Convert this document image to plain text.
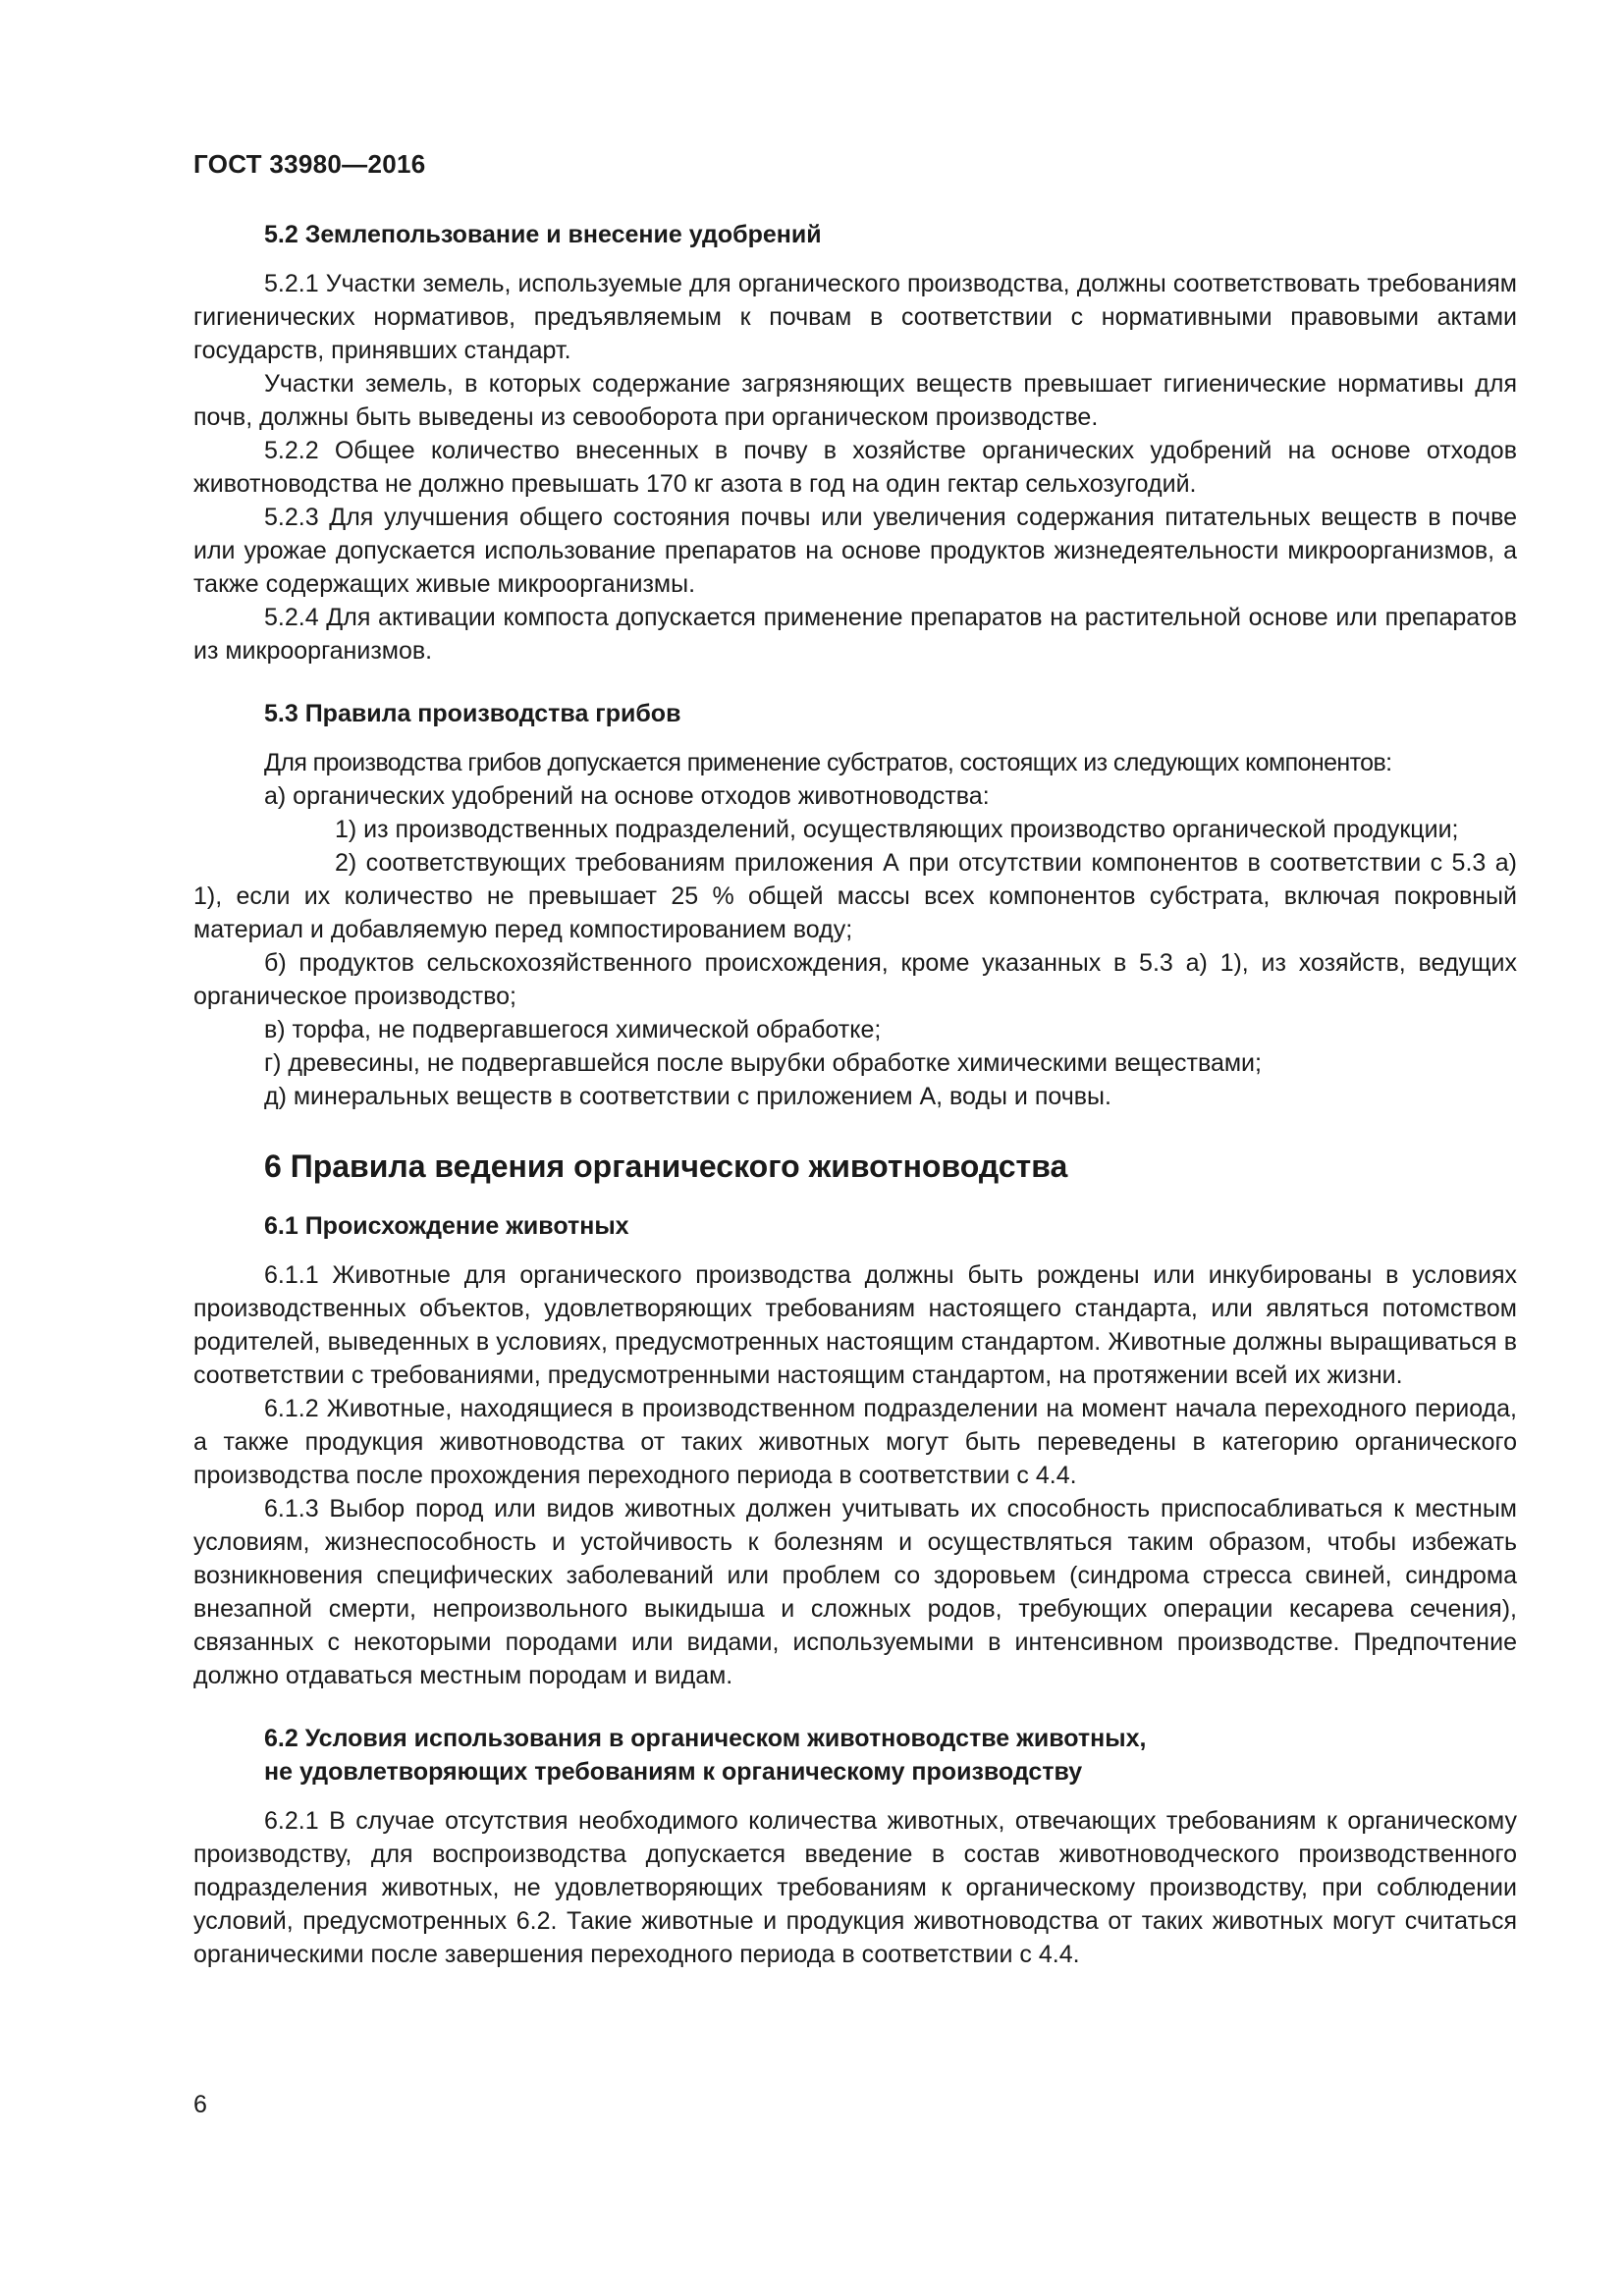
ГОСТ 33980—2016
5.2 Землепользование и внесение удобрений

5.2.1 Участки земель, используемые для органического производства, должны соответствовать требованиям гигиенических нормативов, предъявляемым к почвам в соответствии с нормативными правовыми актами государств, принявших стандарт.

Участки земель, в которых содержание загрязняющих веществ превышает гигиенические нормативы для почв, должны быть выведены из севооборота при органическом производстве.

5.2.2 Общее количество внесенных в почву в хозяйстве органических удобрений на основе отходов животноводства не должно превышать 170 кг азота в год на один гектар сельхозугодий.

5.2.3 Для улучшения общего состояния почвы или увеличения содержания питательных веществ в почве или урожае допускается использование препаратов на основе продуктов жизнедеятельности микроорганизмов, а также содержащих живые микроорганизмы.

5.2.4 Для активации компоста допускается применение препаратов на растительной основе или препаратов из микроорганизмов.

5.3 Правила производства грибов

Для производства грибов допускается применение субстратов, состоящих из следующих компонентов:

а) органических удобрений на основе отходов животноводства:

1) из производственных подразделений, осуществляющих производство органической продукции;

2) соответствующих требованиям приложения А при отсутствии компонентов в соответствии с 5.3 а) 1), если их количество не превышает 25 % общей массы всех компонентов субстрата, включая покровный материал и добавляемую перед компостированием воду;

б) продуктов сельскохозяйственного происхождения, кроме указанных в 5.3 а) 1), из хозяйств, ведущих органическое производство;

в) торфа, не подвергавшегося химической обработке;

г) древесины, не подвергавшейся после вырубки обработке химическими веществами;

д) минеральных веществ в соответствии с приложением А, воды и почвы.

6 Правила ведения органического животноводства
6.1 Происхождение животных

6.1.1 Животные для органического производства должны быть рождены или инкубированы в условиях производственных объектов, удовлетворяющих требованиям настоящего стандарта, или являться потомством родителей, выведенных в условиях, предусмотренных настоящим стандартом. Животные должны выращиваться в соответствии с требованиями, предусмотренными настоящим стандартом, на протяжении всей их жизни.

6.1.2 Животные, находящиеся в производственном подразделении на момент начала переходного периода, а также продукция животноводства от таких животных могут быть переведены в категорию органического производства после прохождения переходного периода в соответствии с 4.4.

6.1.3 Выбор пород или видов животных должен учитывать их способность приспосабливаться к местным условиям, жизнеспособность и устойчивость к болезням и осуществляться таким образом, чтобы избежать возникновения специфических заболеваний или проблем со здоровьем (синдрома стресса свиней, синдрома внезапной смерти, непроизвольного выкидыша и сложных родов, требующих операции кесарева сечения), связанных с некоторыми породами или видами, используемыми в интенсивном производстве. Предпочтение должно отдаваться местным породам и видам.

6.2 Условия использования в органическом животноводстве животных,
не удовлетворяющих требованиям к органическому производству

6.2.1 В случае отсутствия необходимого количества животных, отвечающих требованиям к органическому производству, для воспроизводства допускается введение в состав животноводческого производственного подразделения животных, не удовлетворяющих требованиям к органическому производству, при соблюдении условий, предусмотренных 6.2. Такие животные и продукция животноводства от таких животных могут считаться органическими после завершения переходного периода в соответствии с 4.4.

6
